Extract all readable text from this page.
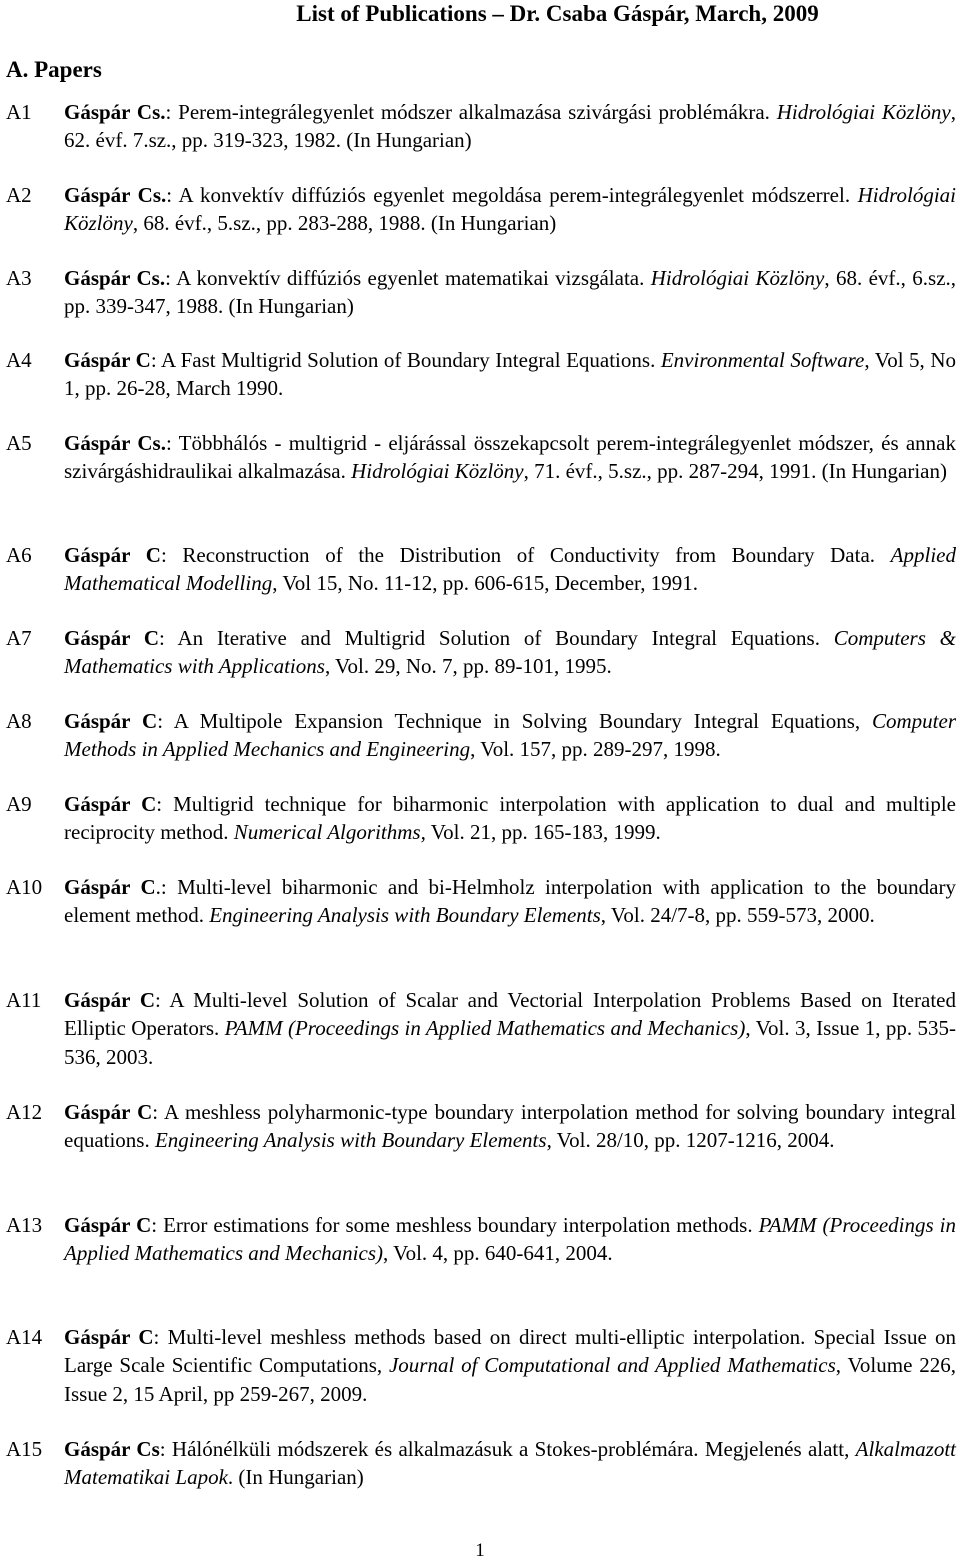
List of Publications – Dr. Csaba Gáspár, March, 2009
A. Papers
A1 Gáspár Cs.: Perem-integrálegyenlet módszer alkalmazása szivárgási problémákra. Hidrológiai Közlöny, 62. évf. 7.sz., pp. 319-323, 1982. (In Hungarian)
A2 Gáspár Cs.: A konvektív diffúziós egyenlet megoldása perem-integrálegyenlet módszerrel. Hidrológiai Közlöny, 68. évf., 5.sz., pp. 283-288, 1988. (In Hungarian)
A3 Gáspár Cs.: A konvektív diffúziós egyenlet matematikai vizsgálata. Hidrológiai Közlöny, 68. évf., 6.sz., pp. 339-347, 1988. (In Hungarian)
A4 Gáspár C: A Fast Multigrid Solution of Boundary Integral Equations. Environmental Software, Vol 5, No 1, pp. 26-28, March 1990.
A5 Gáspár Cs.: Többhálós - multigrid - eljárással összekapcsolt perem-integrálegyenlet módszer, és annak szivárgáshidraulikai alkalmazása. Hidrológiai Közlöny, 71. évf., 5.sz., pp. 287-294, 1991. (In Hungarian)
A6 Gáspár C: Reconstruction of the Distribution of Conductivity from Boundary Data. Applied Mathematical Modelling, Vol 15, No. 11-12, pp. 606-615, December, 1991.
A7 Gáspár C: An Iterative and Multigrid Solution of Boundary Integral Equations. Computers & Mathematics with Applications, Vol. 29, No. 7, pp. 89-101, 1995.
A8 Gáspár C: A Multipole Expansion Technique in Solving Boundary Integral Equations, Computer Methods in Applied Mechanics and Engineering, Vol. 157, pp. 289-297, 1998.
A9 Gáspár C: Multigrid technique for biharmonic interpolation with application to dual and multiple reciprocity method. Numerical Algorithms, Vol. 21, pp. 165-183, 1999.
A10 Gáspár C.: Multi-level biharmonic and bi-Helmholz interpolation with application to the boundary element method. Engineering Analysis with Boundary Elements, Vol. 24/7-8, pp. 559-573, 2000.
A11 Gáspár C: A Multi-level Solution of Scalar and Vectorial Interpolation Problems Based on Iterated Elliptic Operators. PAMM (Proceedings in Applied Mathematics and Mechanics), Vol. 3, Issue 1, pp. 535-536, 2003.
A12 Gáspár C: A meshless polyharmonic-type boundary interpolation method for solving boundary integral equations. Engineering Analysis with Boundary Elements, Vol. 28/10, pp. 1207-1216, 2004.
A13 Gáspár C: Error estimations for some meshless boundary interpolation methods. PAMM (Proceedings in Applied Mathematics and Mechanics), Vol. 4, pp. 640-641, 2004.
A14 Gáspár C: Multi-level meshless methods based on direct multi-elliptic interpolation. Special Issue on Large Scale Scientific Computations, Journal of Computational and Applied Mathematics, Volume 226, Issue 2, 15 April, pp 259-267, 2009.
A15 Gáspár Cs: Hálónélküli módszerek és alkalmazásuk a Stokes-problémára. Megjelenés alatt, Alkalmazott Matematikai Lapok. (In Hungarian)
1
